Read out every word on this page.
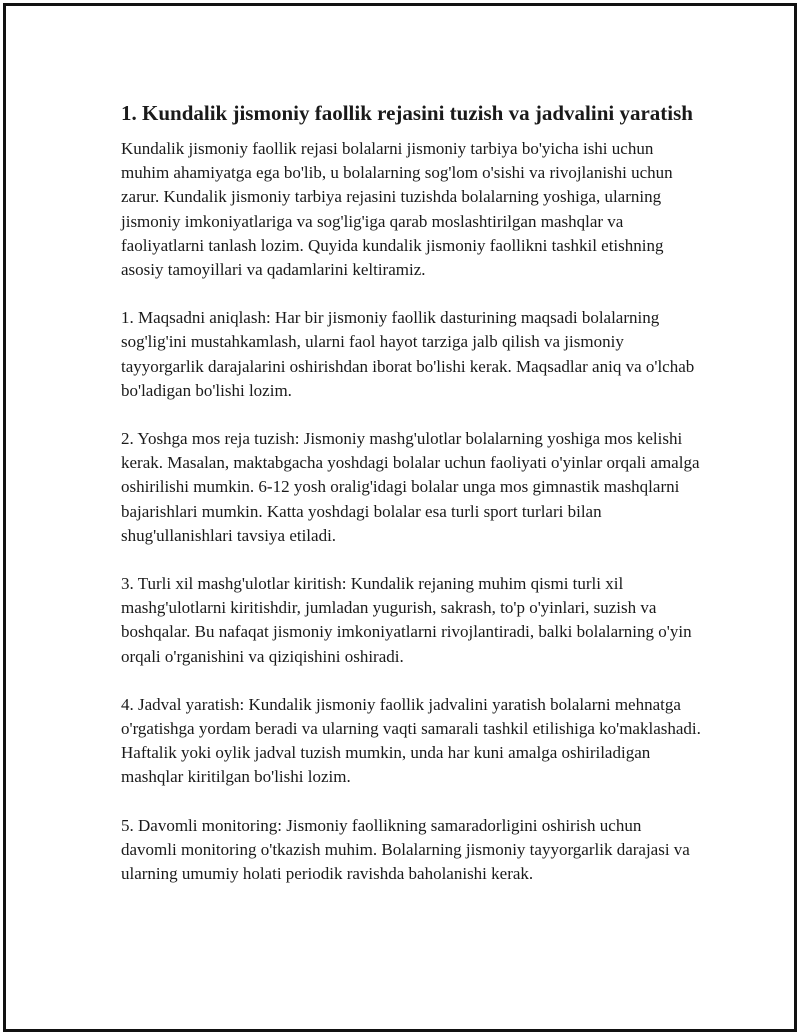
1. Kundalik jismoniy faollik rejasini tuzish va jadvalini yaratish

Kundalik jismoniy faollik rejasi bolalarni jismoniy tarbiya bo'yicha ishi uchun muhim ahamiyatga ega bo'lib, u bolalarning sog'lom o'sishi va rivojlanishi uchun zarur. Kundalik jismoniy tarbiya rejasini tuzishda bolalarning yoshiga, ularning jismoniy imkoniyatlariga va sog'lig'iga qarab moslashtirilgan mashqlar va faoliyatlarni tanlash lozim. Quyida kundalik jismoniy faollikni tashkil etishning asosiy tamoyillari va qadamlarini keltiramiz.

1. Maqsadni aniqlash: Har bir jismoniy faollik dasturining maqsadi bolalarning sog'lig'ini mustahkamlash, ularni faol hayot tarziga jalb qilish va jismoniy tayyorgarlik darajalarini oshirishdan iborat bo'lishi kerak. Maqsadlar aniq va o'lchab bo'ladigan bo'lishi lozim.

2. Yoshga mos reja tuzish: Jismoniy mashg'ulotlar bolalarning yoshiga mos kelishi kerak. Masalan, maktabgacha yoshdagi bolalar uchun faoliyati o'yinlar orqali amalga oshirilishi mumkin. 6-12 yosh oralig'idagi bolalar unga mos gimnastik mashqlarni bajarishlari mumkin. Katta yoshdagi bolalar esa turli sport turlari bilan shug'ullanishlari tavsiya etiladi.

3. Turli xil mashg'ulotlar kiritish: Kundalik rejaning muhim qismi turli xil mashg'ulotlarni kiritishdir, jumladan yugurish, sakrash, to'p o'yinlari, suzish va boshqalar. Bu nafaqat jismoniy imkoniyatlarni rivojlantiradi, balki bolalarning o'yin orqali o'rganishini va qiziqishini oshiradi.

4. Jadval yaratish: Kundalik jismoniy faollik jadvalini yaratish bolalarni mehnatga o'rgatishga yordam beradi va ularning vaqti samarali tashkil etilishiga ko'maklashadi. Haftalik yoki oylik jadval tuzish mumkin, unda har kuni amalga oshiriladigan mashqlar kiritilgan bo'lishi lozim.

5. Davomli monitoring: Jismoniy faollikning samaradorligini oshirish uchun davomli monitoring o'tkazish muhim. Bolalarning jismoniy tayyorgarlik darajasi va ularning umumiy holati periodik ravishda baholanishi kerak.
